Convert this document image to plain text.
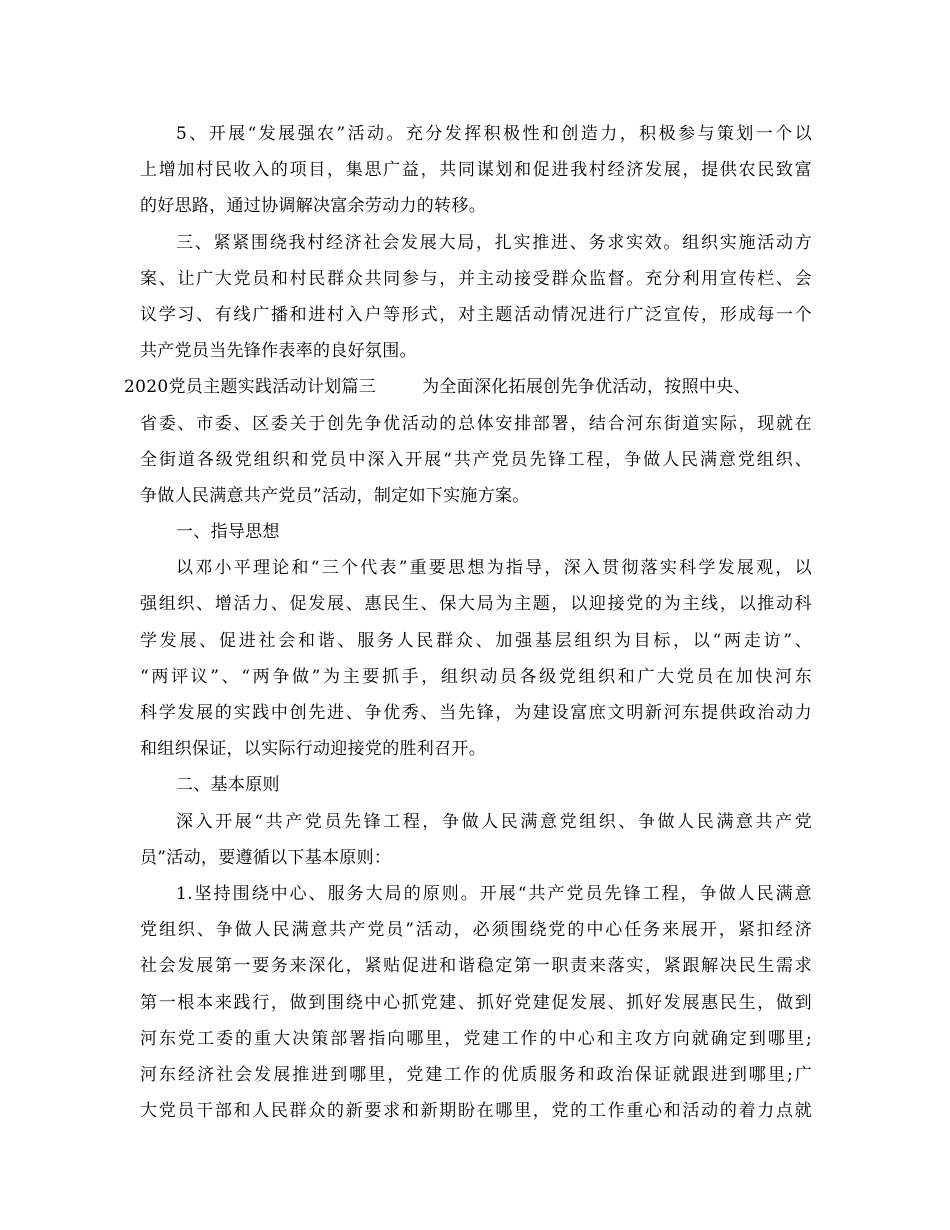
5、开展“发展强农”活动。充分发挥积极性和创造力，积极参与策划一个以
上增加村民收入的项目，集思广益，共同谋划和促进我村经济发展，提供农民致富
的好思路，通过协调解决富余劳动力的转移。
三、紧紧围绕我村经济社会发展大局，扎实推进、务求实效。组织实施活动方
案、让广大党员和村民群众共同参与，并主动接受群众监督。充分利用宣传栏、会
议学习、有线广播和进村入户等形式，对主题活动情况进行广泛宣传，形成每一个
共产党员当先锋作表率的良好氛围。
2020党员主题实践活动计划篇三	为全面深化拓展创先争优活动，按照中央、
省委、市委、区委关于创先争优活动的总体安排部署，结合河东街道实际，现就在
全街道各级党组织和党员中深入开展“共产党员先锋工程，争做人民满意党组织、
争做人民满意共产党员”活动，制定如下实施方案。
一、指导思想
以邓小平理论和“三个代表”重要思想为指导，深入贯彻落实科学发展观，以
强组织、增活力、促发展、惠民生、保大局为主题，以迎接党的为主线，以推动科
学发展、促进社会和谐、服务人民群众、加强基层组织为目标，以“两走访”、
“两评议”、“两争做”为主要抓手，组织动员各级党组织和广大党员在加快河东
科学发展的实践中创先进、争优秀、当先锋，为建设富庶文明新河东提供政治动力
和组织保证，以实际行动迎接党的胜利召开。
二、基本原则
深入开展“共产党员先锋工程，争做人民满意党组织、争做人民满意共产党
员”活动，要遵循以下基本原则：
1.坚持围绕中心、服务大局的原则。开展“共产党员先锋工程，争做人民满意
党组织、争做人民满意共产党员”活动，必须围绕党的中心任务来展开，紧扣经济
社会发展第一要务来深化，紧贴促进和谐稳定第一职责来落实，紧跟解决民生需求
第一根本来践行，做到围绕中心抓党建、抓好党建促发展、抓好发展惠民生，做到
河东党工委的重大决策部署指向哪里，党建工作的中心和主攻方向就确定到哪里;
河东经济社会发展推进到哪里，党建工作的优质服务和政治保证就跟进到哪里;广
大党员干部和人民群众的新要求和新期盼在哪里，党的工作重心和活动的着力点就
